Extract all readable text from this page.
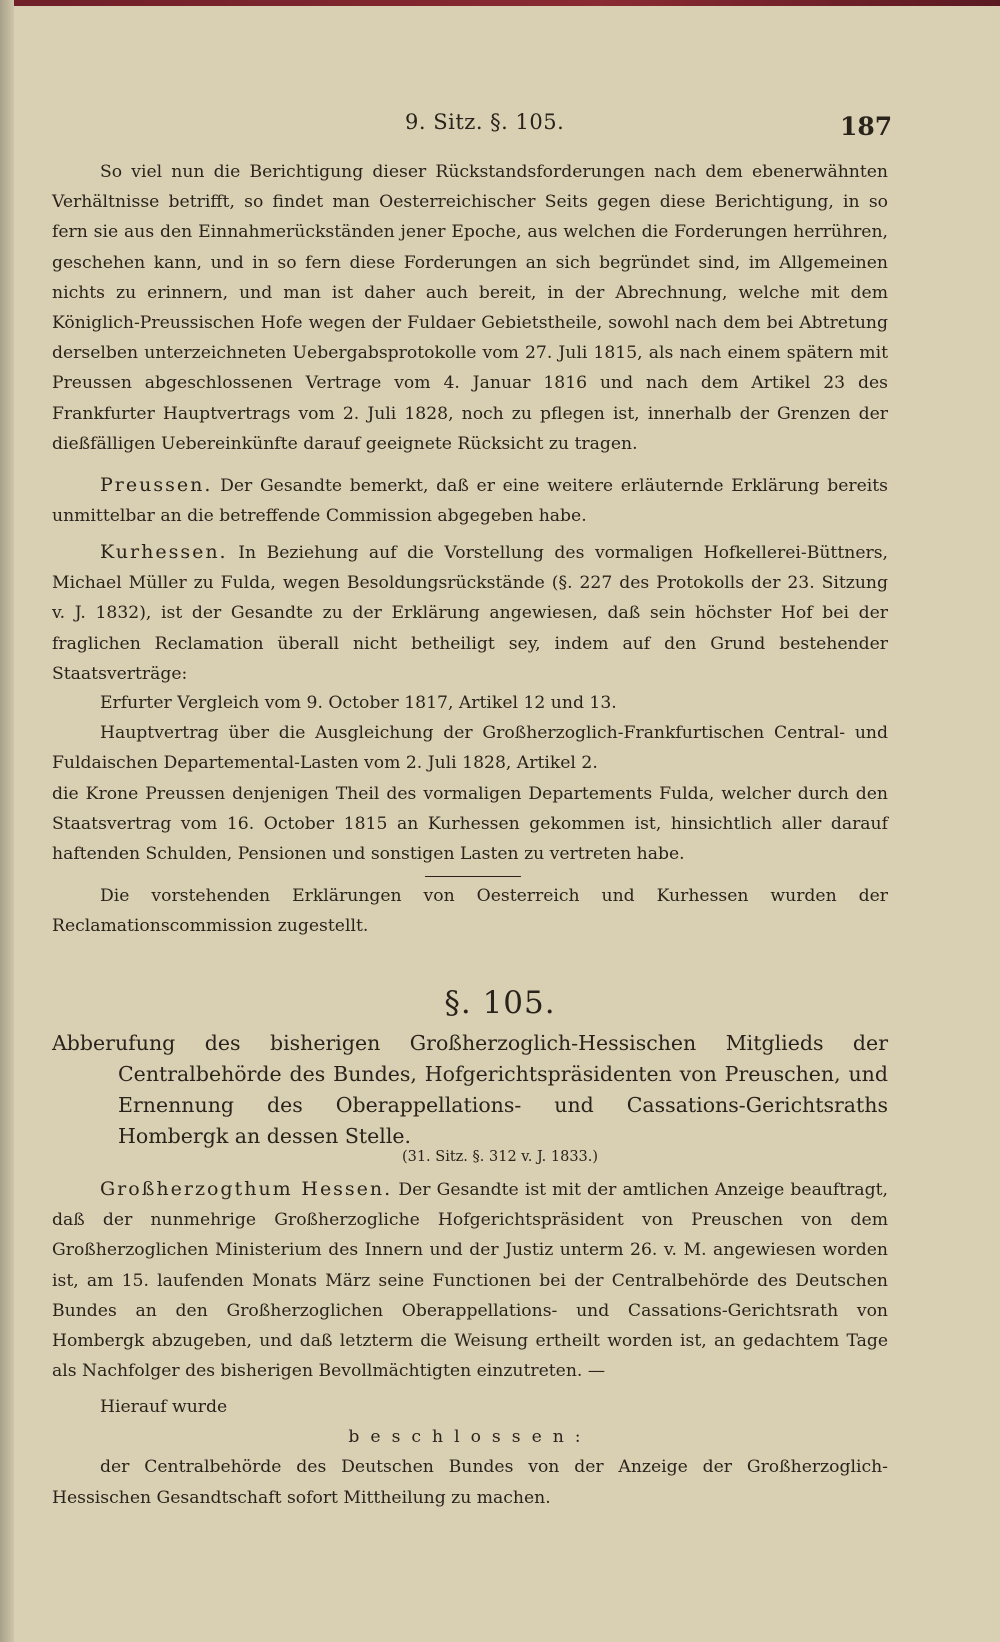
9. Sitz. §. 105.	187

So viel nun die Berichtigung dieser Rückstandsforderungen nach dem ebenerwähnten Verhältnisse betrifft, so findet man Oesterreichischer Seits gegen diese Berichtigung, in so fern sie aus den Einnahmerückständen jener Epoche, aus welchen die Forderungen herrühren, geschehen kann, und in so fern diese Forderungen an sich begründet sind, im Allgemeinen nichts zu erinnern, und man ist daher auch bereit, in der Abrechnung, welche mit dem Königlich-Preussischen Hofe wegen der Fuldaer Gebietstheile, sowohl nach dem bei Abtretung derselben unterzeichneten Uebergabsprotokolle vom 27. Juli 1815, als nach einem spätern mit Preussen abgeschlossenen Vertrage vom 4. Januar 1816 und nach dem Artikel 23 des Frankfurter Hauptvertrags vom 2. Juli 1828, noch zu pflegen ist, innerhalb der Grenzen der dießfälligen Uebereinkünfte darauf geeignete Rücksicht zu tragen.

Preussen. Der Gesandte bemerkt, daß er eine weitere erläuternde Erklärung bereits unmittelbar an die betreffende Commission abgegeben habe.

Kurhessen. In Beziehung auf die Vorstellung des vormaligen Hofkellerei-Büttners, Michael Müller zu Fulda, wegen Besoldungsrückstände (§. 227 des Protokolls der 23. Sitzung v. J. 1832), ist der Gesandte zu der Erklärung angewiesen, daß sein höchster Hof bei der fraglichen Reclamation überall nicht betheiligt sey, indem auf den Grund bestehender Staatsverträge:

Erfurter Vergleich vom 9. October 1817, Artikel 12 und 13.

Hauptvertrag über die Ausgleichung der Großherzoglich-Frankfurtischen Central- und Fuldaischen Departemental-Lasten vom 2. Juli 1828, Artikel 2.

die Krone Preussen denjenigen Theil des vormaligen Departements Fulda, welcher durch den Staatsvertrag vom 16. October 1815 an Kurhessen gekommen ist, hinsichtlich aller darauf haftenden Schulden, Pensionen und sonstigen Lasten zu vertreten habe.

Die vorstehenden Erklärungen von Oesterreich und Kurhessen wurden der Reclamationscommission zugestellt.

§. 105.
Abberufung des bisherigen Großherzoglich-Hessischen Mitglieds der Centralbehörde des Bundes, Hofgerichtspräsidenten von Preuschen, und Ernennung des Oberappellations- und Cassations-Gerichtsraths Hombergk an dessen Stelle.
(31. Sitz. §. 312 v. J. 1833.)

Großherzogthum Hessen. Der Gesandte ist mit der amtlichen Anzeige beauftragt, daß der nunmehrige Großherzogliche Hofgerichtspräsident von Preuschen von dem Großherzoglichen Ministerium des Innern und der Justiz unterm 26. v. M. angewiesen worden ist, am 15. laufenden Monats März seine Functionen bei der Centralbehörde des Deutschen Bundes an den Großherzoglichen Oberappellations- und Cassations-Gerichtsrath von Hombergk abzugeben, und daß letzterm die Weisung ertheilt worden ist, an gedachtem Tage als Nachfolger des bisherigen Bevollmächtigten einzutreten. —

Hierauf wurde

beschlossen:

der Centralbehörde des Deutschen Bundes von der Anzeige der Großherzoglich-Hessischen Gesandtschaft sofort Mittheilung zu machen.
